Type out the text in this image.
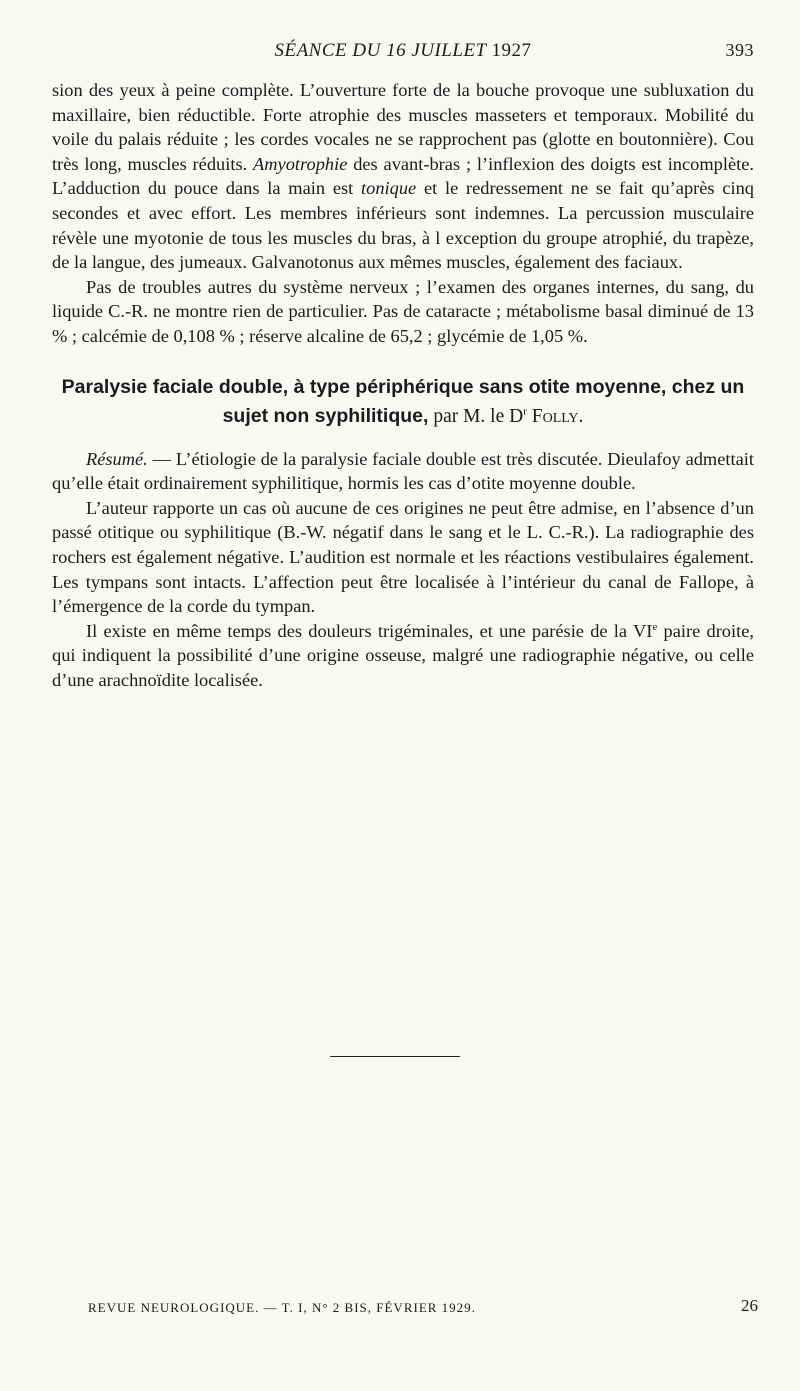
SÉANCE DU 16 JUILLET 1927	393

sion des yeux à peine complète. L’ouverture forte de la bouche provoque une subluxation du maxillaire, bien réductible. Forte atrophie des muscles masseters et temporaux. Mobilité du voile du palais réduite ; les cordes vocales ne se rapprochent pas (glotte en boutonnière). Cou très long, muscles réduits. Amyotrophie des avant-bras ; l’inflexion des doigts est incomplète. L’adduction du pouce dans la main est tonique et le redressement ne se fait qu’après cinq secondes et avec effort. Les membres inférieurs sont indemnes. La percussion musculaire révèle une myotonie de tous les muscles du bras, à l exception du groupe atrophié, du trapèze, de la langue, des jumeaux. Galvanotonus aux mêmes muscles, également des faciaux.

Pas de troubles autres du système nerveux ; l’examen des organes internes, du sang, du liquide C.-R. ne montre rien de particulier. Pas de cataracte ; métabolisme basal diminué de 13 % ; calcémie de 0,108 % ; réserve alcaline de 65,2 ; glycémie de 1,05 %.

Paralysie faciale double, à type périphérique sans otite moyenne, chez un sujet non syphilitique, par M. le $D^r$ Folly.

Résumé. — L’étiologie de la paralysie faciale double est très discutée. Dieulafoy admettait qu’elle était ordinairement syphilitique, hormis les cas d’otite moyenne double.

L’auteur rapporte un cas où aucune de ces origines ne peut être admise, en l’absence d’un passé otitique ou syphilitique (B.-W. négatif dans le sang et le L. C.-R.). La radiographie des rochers est également négative. L’audition est normale et les réactions vestibulaires également. Les tympans sont intacts. L’affection peut être localisée à l’intérieur du canal de Fallope, à l’émergence de la corde du tympan.

Il existe en même temps des douleurs trigéminales, et une parésie de la VIe paire droite, qui indiquent la possibilité d’une origine osseuse, malgré une radiographie négative, ou celle d’une arachnoïdite localisée.

REVUE NEUROLOGIQUE. — T. I, N° 2 BIS, FÉVRIER 1929.	26
